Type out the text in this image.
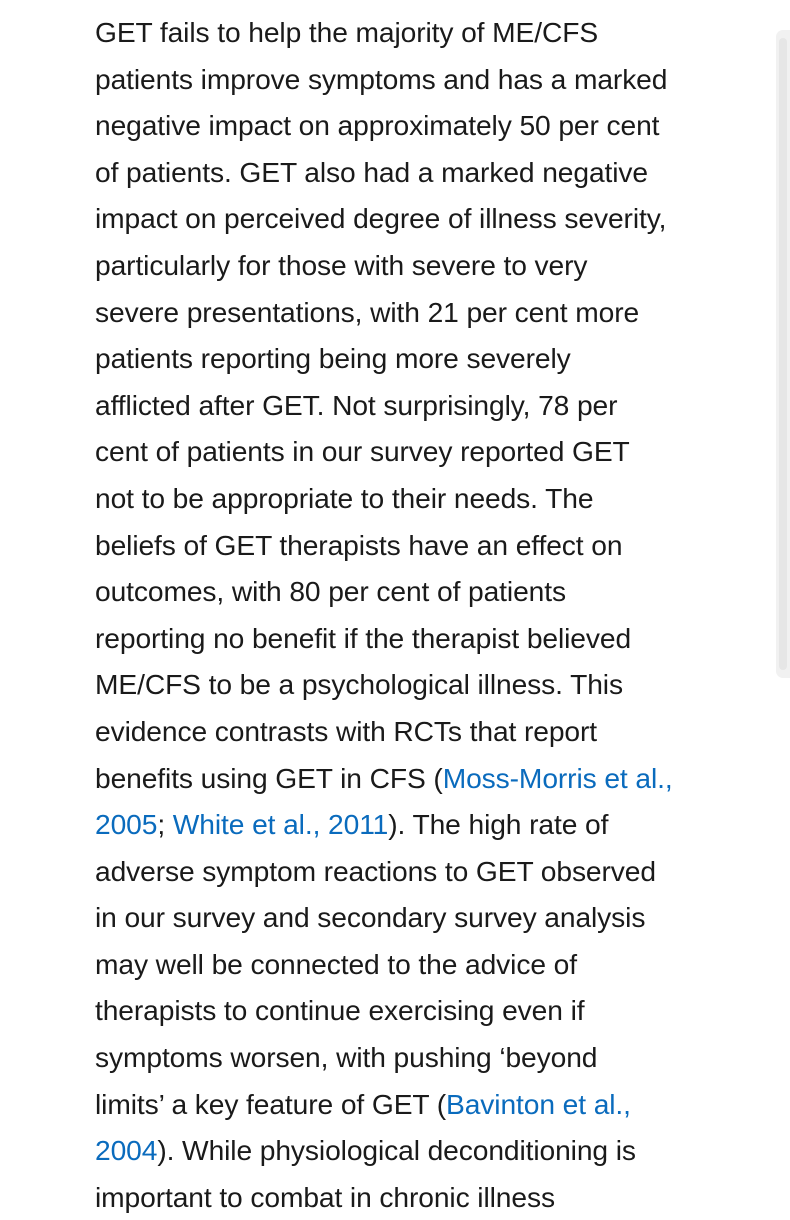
GET fails to help the majority of ME/CFS
patients improve symptoms and has a marked
negative impact on approximately 50 per cent
of patients. GET also had a marked negative
impact on perceived degree of illness severity,
particularly for those with severe to very
severe presentations, with 21 per cent more
patients reporting being more severely
afflicted after GET. Not surprisingly, 78 per
cent of patients in our survey reported GET
not to be appropriate to their needs. The
beliefs of GET therapists have an effect on
outcomes, with 80 per cent of patients
reporting no benefit if the therapist believed
ME/CFS to be a psychological illness. This
evidence contrasts with RCTs that report
benefits using GET in CFS (Moss-Morris et al.,
2005; White et al., 2011). The high rate of
adverse symptom reactions to GET observed
in our survey and secondary survey analysis
may well be connected to the advice of
therapists to continue exercising even if
symptoms worsen, with pushing ‘beyond
limits’ a key feature of GET (Bavinton et al.,
2004). While physiological deconditioning is
important to combat in chronic illness
